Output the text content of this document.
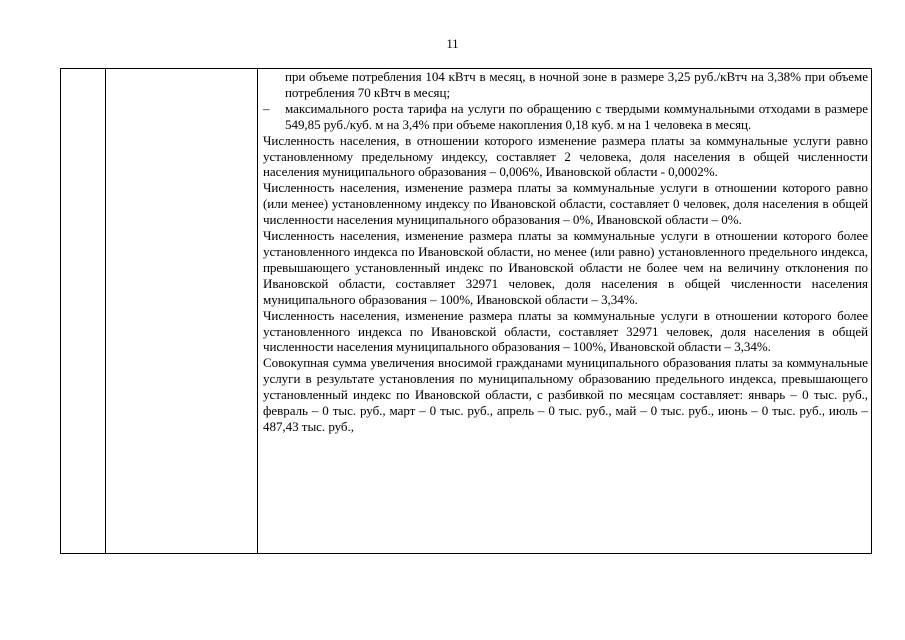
11

при объеме потребления 104 кВтч в месяц, в ночной зоне в размере 3,25 руб./кВтч на 3,38% при объеме потребления 70 кВтч в месяц;

–	максимального роста тарифа на услуги по обращению с твердыми коммунальными отходами в размере 549,85 руб./куб. м на 3,4% при объеме накопления 0,18 куб. м на 1 человека в месяц.

Численность населения, в отношении которого изменение размера платы за коммунальные услуги равно установленному предельному индексу, составляет 2 человека, доля населения в общей численности населения муниципального образования – 0,006%, Ивановской области - 0,0002%.

Численность населения, изменение размера платы за коммунальные услуги в отношении которого равно (или менее) установленному индексу по Ивановской области, составляет 0 человек, доля населения в общей численности населения муниципального образования – 0%, Ивановской области – 0%.

Численность населения, изменение размера платы за коммунальные услуги в отношении которого более установленного индекса по Ивановской области, но менее (или равно) установленного предельного индекса, превышающего установленный индекс по Ивановской области не более чем на величину отклонения по Ивановской области, составляет 32971 человек, доля населения в общей численности населения муниципального образования – 100%, Ивановской области – 3,34%.

Численность населения, изменение размера платы за коммунальные услуги в отношении которого более установленного индекса по Ивановской области, составляет 32971 человек, доля населения в общей численности населения муниципального образования – 100%, Ивановской области – 3,34%.

Совокупная сумма увеличения вносимой гражданами муниципального образования платы за коммунальные услуги в результате установления по муниципальному образованию предельного индекса, превышающего установленный индекс по Ивановской области, с разбивкой по месяцам составляет: январь – 0 тыс. руб., февраль – 0 тыс. руб., март – 0 тыс. руб., апрель – 0 тыс. руб., май – 0 тыс. руб., июнь – 0 тыс. руб., июль – 487,43 тыс. руб.,
